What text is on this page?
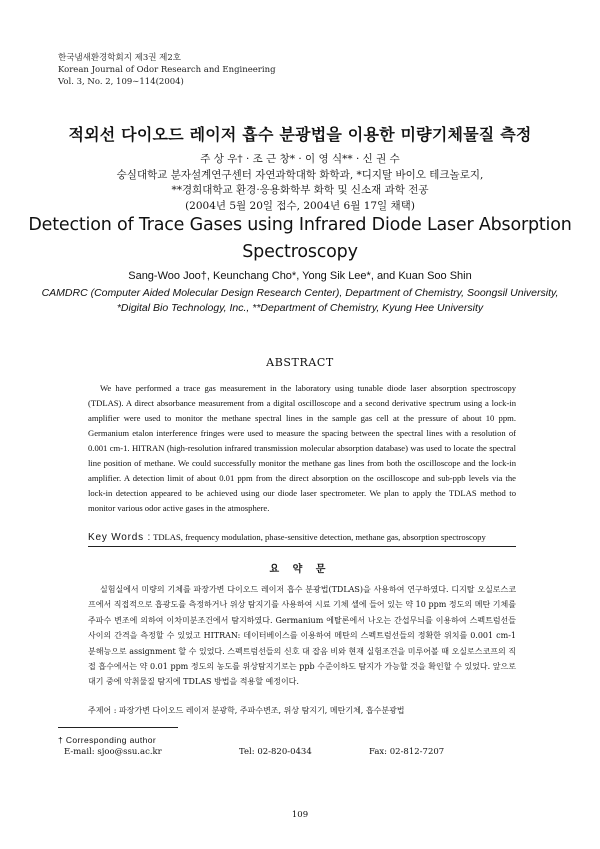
한국냄새환경학회지 제3권 제2호
Korean Journal of Odor Research and Engineering
Vol. 3, No. 2, 109∼114(2004)
적외선 다이오드 레이저 흡수 분광법을 이용한 미량기체물질 측정
주 상 우† · 조 근 창* · 이 영 식** · 신 권 수
숭실대학교 분자설계연구센터 자연과학대학 화학과, *디지탈 바이오 테크놀로지,
**경희대학교 환경·응용화학부 화학 및 신소재 과학 전공
(2004년 5월 20일 접수, 2004년 6월 17일 채택)
Detection of Trace Gases using Infrared Diode Laser Absorption Spectroscopy
Sang-Woo Joo†, Keunchang Cho*, Yong Sik Lee*, and Kuan Soo Shin
CAMDRC (Computer Aided Molecular Design Research Center), Department of Chemistry, Soongsil University,
*Digital Bio Technology, Inc., **Department of Chemistry, Kyung Hee University
ABSTRACT

We have performed a trace gas measurement in the laboratory using tunable diode laser absorption spectroscopy (TDLAS). A direct absorbance measurement from a digital oscilloscope and a second derivative spectrum using a lock-in amplifier were used to monitor the methane spectral lines in the sample gas cell at the pressure of about 10 ppm. Germanium etalon interference fringes were used to measure the spacing between the spectral lines with a resolution of 0.001 cm-1. HITRAN (high-resolution infrared transmission molecular absorption database) was used to locate the spectral line position of methane. We could successfully monitor the methane gas lines from both the oscilloscope and the lock-in amplifier. A detection limit of about 0.01 ppm from the direct absorption on the oscilloscope and sub-ppb levels via the lock-in detection appeared to be achieved using our diode laser spectrometer. We plan to apply the TDLAS method to monitor various odor active gases in the atmosphere.

Key Words : TDLAS, frequency modulation, phase-sensitive detection, methane gas, absorption spectroscopy
요 약 문

실험실에서 미량의 기체를 파장가변 다이오드 레이저 흡수 분광법(TDLAS)을 사용하여 연구하였다. 디지탈 오실로스코프에서 직접적으로 흡광도를 측정하거나 위상 탐지기를 사용하여 시료 기체 셀에 들어 있는 약 10 ppm 정도의 메탄 기체를 주파수 변조에 의하여 이차미분조건에서 탐지하였다. Germanium 에탈론에서 나오는 간섭무늬를 이용하여 스펙트럼선들 사이의 간격을 측정할 수 있었고 HITRAN: 데이터베이스를 이용하여 메탄의 스펙트럼선들의 정확한 위치를 0.001 cm-1 분해능으로 assignment 할 수 있었다. 스펙트럼선들의 신호 대 잡음 비와 현재 실험조건을 미루어볼 때 오실로스코프의 직접 흡수에서는 약 0.01 ppm 정도의 농도를 위상탐지기로는 ppb 수준이하도 탐지가 가능할 것을 확인할 수 있었다. 앞으로 대기 중에 악취물질 탐지에 TDLAS 방법을 적용할 예정이다.

주제어 : 파장가변 다이오드 레이저 분광학, 주파수변조, 위상 탐지기, 메탄기체, 흡수분광법
† Corresponding author
E-mail: sjoo@ssu.ac.kr	Tel: 02-820-0434	Fax: 02-812-7207
109
